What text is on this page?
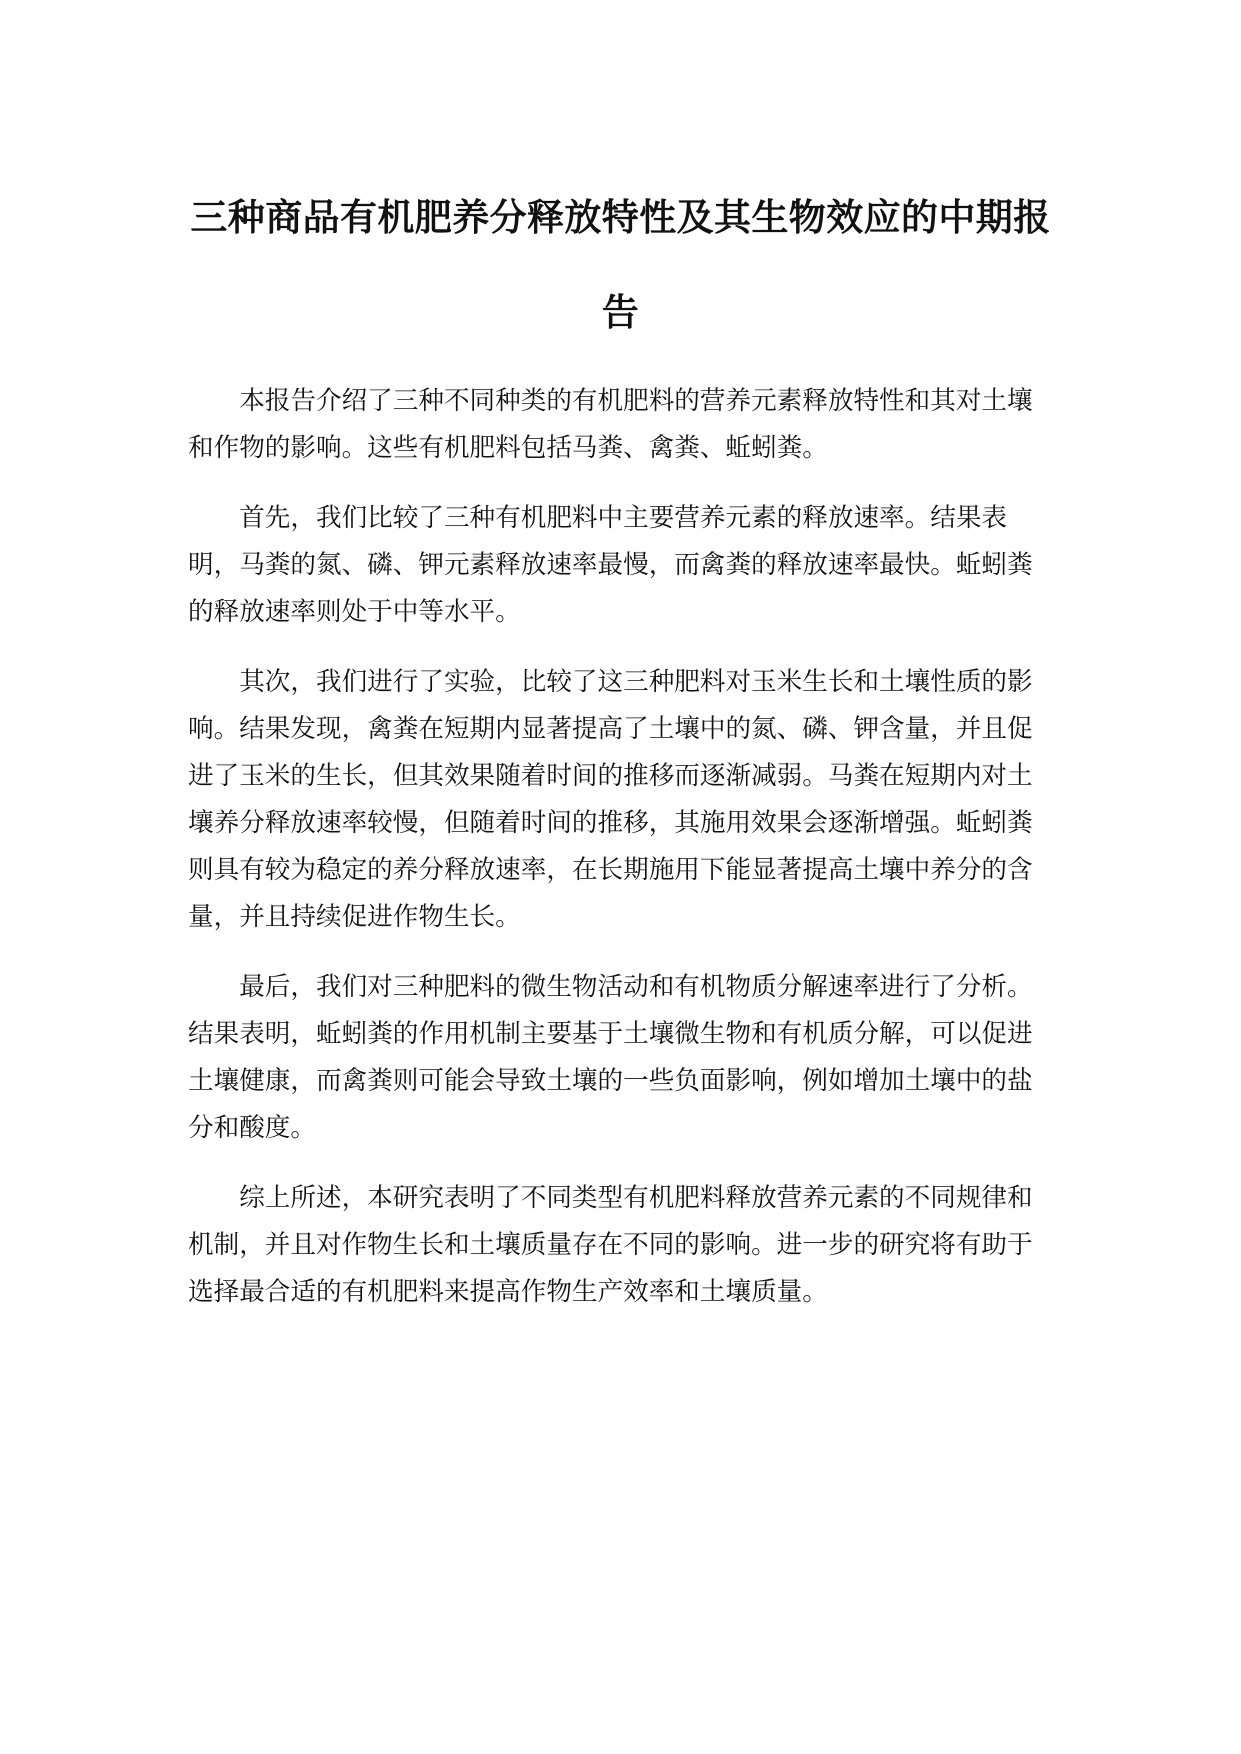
三种商品有机肥养分释放特性及其生物效应的中期报告

本报告介绍了三种不同种类的有机肥料的营养元素释放特性和其对土壤和作物的影响。这些有机肥料包括马粪、禽粪、蚯蚓粪。

首先，我们比较了三种有机肥料中主要营养元素的释放速率。结果表明，马粪的氮、磷、钾元素释放速率最慢，而禽粪的释放速率最快。蚯蚓粪的释放速率则处于中等水平。

其次，我们进行了实验，比较了这三种肥料对玉米生长和土壤性质的影响。结果发现，禽粪在短期内显著提高了土壤中的氮、磷、钾含量，并且促进了玉米的生长，但其效果随着时间的推移而逐渐减弱。马粪在短期内对土壤养分释放速率较慢，但随着时间的推移，其施用效果会逐渐增强。蚯蚓粪则具有较为稳定的养分释放速率，在长期施用下能显著提高土壤中养分的含量，并且持续促进作物生长。

最后，我们对三种肥料的微生物活动和有机物质分解速率进行了分析。结果表明，蚯蚓粪的作用机制主要基于土壤微生物和有机质分解，可以促进土壤健康，而禽粪则可能会导致土壤的一些负面影响，例如增加土壤中的盐分和酸度。

综上所述，本研究表明了不同类型有机肥料释放营养元素的不同规律和机制，并且对作物生长和土壤质量存在不同的影响。进一步的研究将有助于选择最合适的有机肥料来提高作物生产效率和土壤质量。
